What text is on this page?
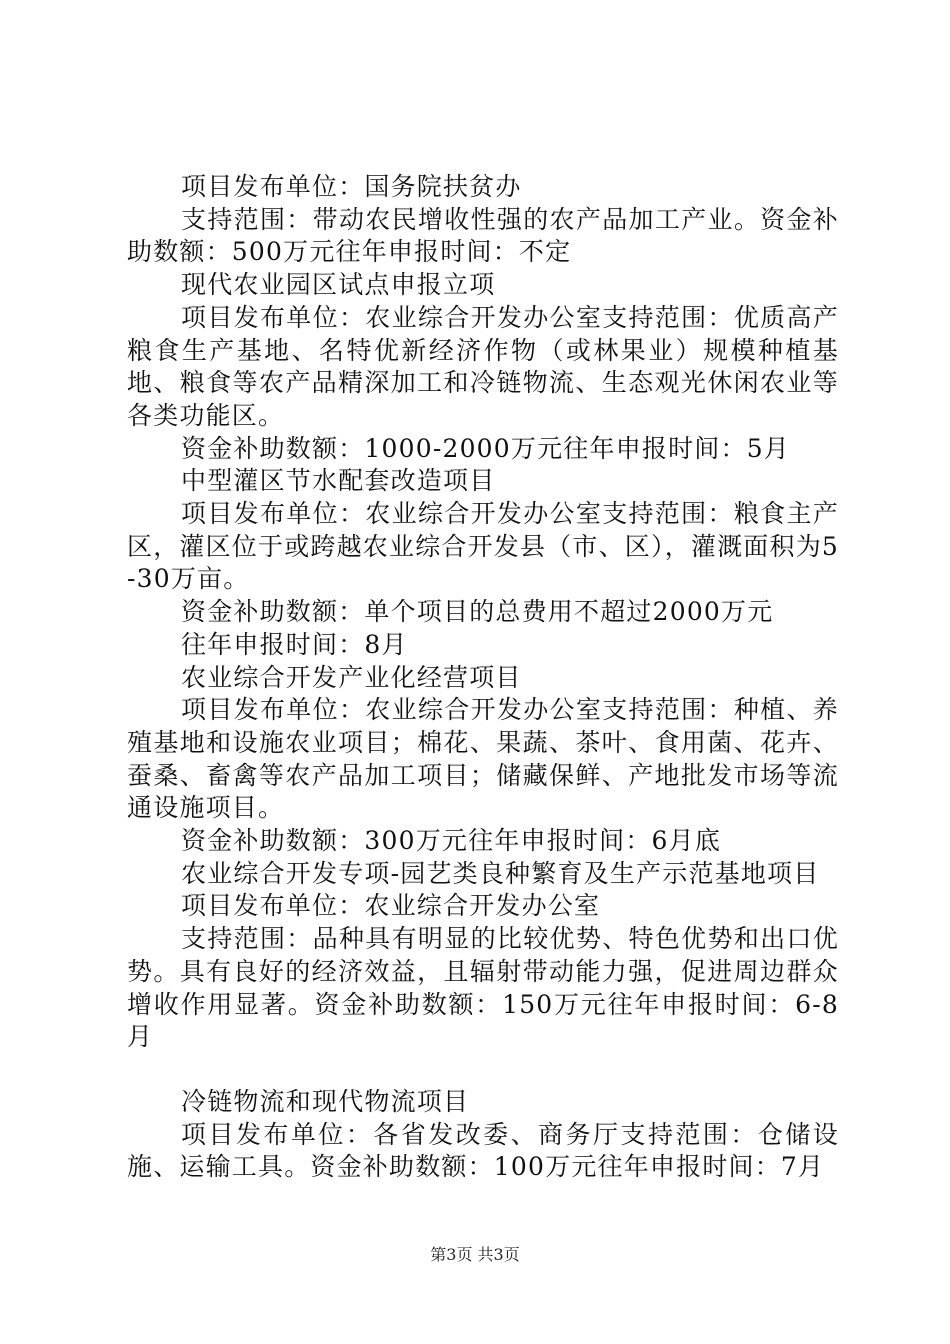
项目发布单位：国务院扶贫办

支持范围：带动农民增收性强的农产品加工产业。资金补助数额：500万元往年申报时间：不定

现代农业园区试点申报立项

项目发布单位：农业综合开发办公室支持范围：优质高产粮食生产基地、名特优新经济作物（或林果业）规模种植基地、粮食等农产品精深加工和冷链物流、生态观光休闲农业等各类功能区。

资金补助数额：1000-2000万元往年申报时间：5月

中型灌区节水配套改造项目

项目发布单位：农业综合开发办公室支持范围：粮食主产区，灌区位于或跨越农业综合开发县（市、区），灌溉面积为5-30万亩。

资金补助数额：单个项目的总费用不超过2000万元

往年申报时间：8月

农业综合开发产业化经营项目

项目发布单位：农业综合开发办公室支持范围：种植、养殖基地和设施农业项目；棉花、果蔬、茶叶、食用菌、花卉、蚕桑、畜禽等农产品加工项目；储藏保鲜、产地批发市场等流通设施项目。

资金补助数额：300万元往年申报时间：6月底

农业综合开发专项-园艺类良种繁育及生产示范基地项目

项目发布单位：农业综合开发办公室

支持范围：品种具有明显的比较优势、特色优势和出口优势。具有良好的经济效益，且辐射带动能力强，促进周边群众增收作用显著。资金补助数额：150万元往年申报时间：6-8月

冷链物流和现代物流项目

项目发布单位：各省发改委、商务厅支持范围：仓储设施、运输工具。资金补助数额：100万元往年申报时间：7月

第3页 共3页
